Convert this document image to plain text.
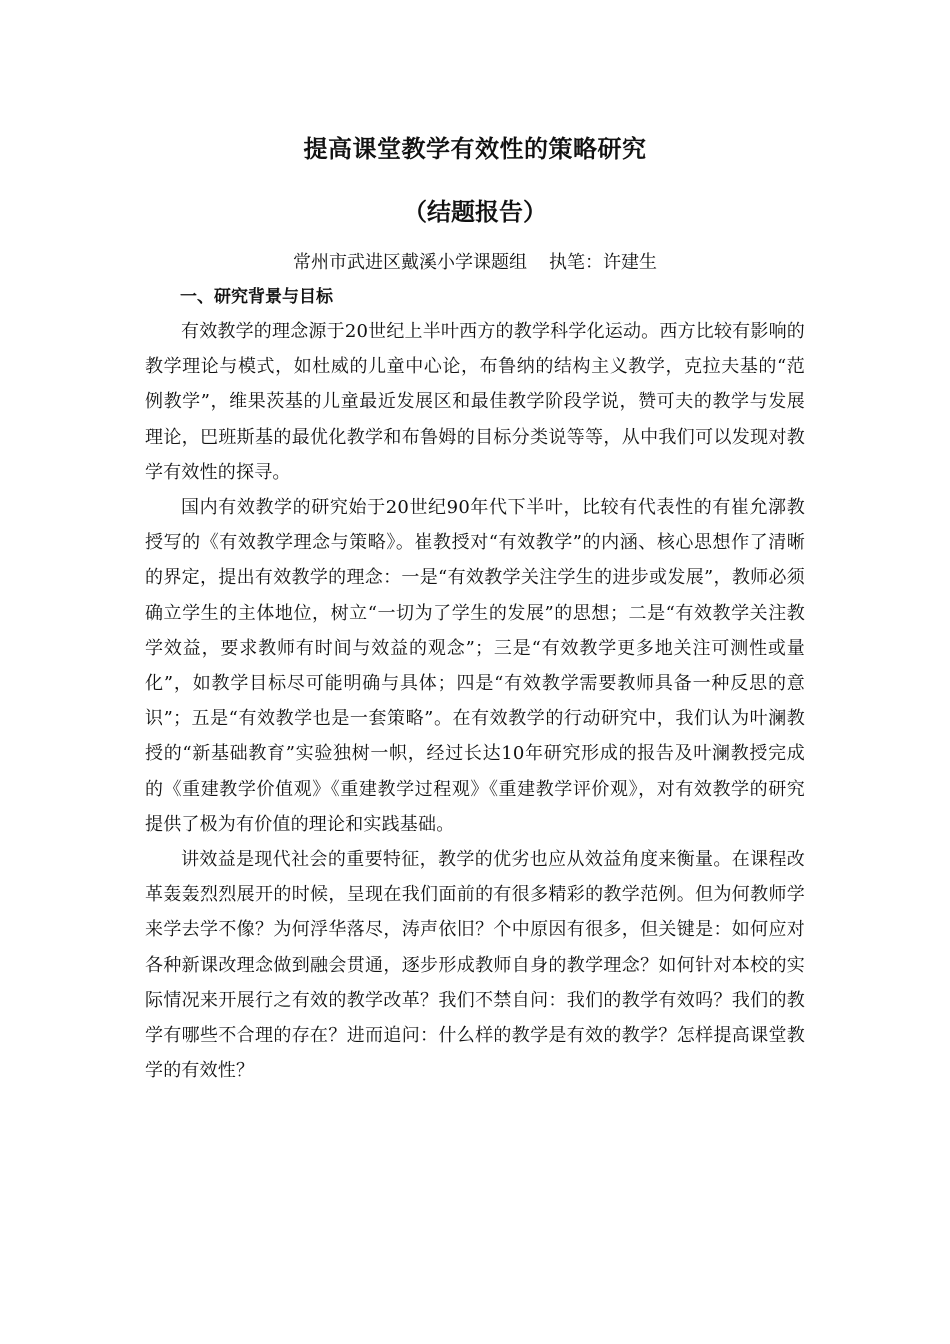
提高课堂教学有效性的策略研究
（结题报告）
常州市武进区戴溪小学课题组 执笔：许建生
一、研究背景与目标

有效教学的理念源于20世纪上半叶西方的教学科学化运动。西方比较有影响的教学理论与模式，如杜威的儿童中心论，布鲁纳的结构主义教学，克拉夫基的“范例教学”，维果茨基的儿童最近发展区和最佳教学阶段学说，赞可夫的教学与发展理论，巴班斯基的最优化教学和布鲁姆的目标分类说等等，从中我们可以发现对教学有效性的探寻。

国内有效教学的研究始于20世纪90年代下半叶，比较有代表性的有崔允漷教授写的《有效教学理念与策略》。崔教授对“有效教学”的内涵、核心思想作了清晰的界定，提出有效教学的理念：一是“有效教学关注学生的进步或发展”，教师必须确立学生的主体地位，树立“一切为了学生的发展”的思想；二是“有效教学关注教学效益，要求教师有时间与效益的观念”；三是“有效教学更多地关注可测性或量化”，如教学目标尽可能明确与具体；四是“有效教学需要教师具备一种反思的意识”；五是“有效教学也是一套策略”。在有效教学的行动研究中，我们认为叶澜教授的“新基础教育”实验独树一帜，经过长达10年研究形成的报告及叶澜教授完成的《重建教学价值观》《重建教学过程观》《重建教学评价观》，对有效教学的研究提供了极为有价值的理论和实践基础。

讲效益是现代社会的重要特征，教学的优劣也应从效益角度来衡量。在课程改革轰轰烈烈展开的时候，呈现在我们面前的有很多精彩的教学范例。但为何教师学来学去学不像？为何浮华落尽，涛声依旧？个中原因有很多，但关键是：如何应对各种新课改理念做到融会贯通，逐步形成教师自身的教学理念？如何针对本校的实际情况来开展行之有效的教学改革？我们不禁自问：我们的教学有效吗？我们的教学有哪些不合理的存在？进而追问：什么样的教学是有效的教学？怎样提高课堂教学的有效性？
